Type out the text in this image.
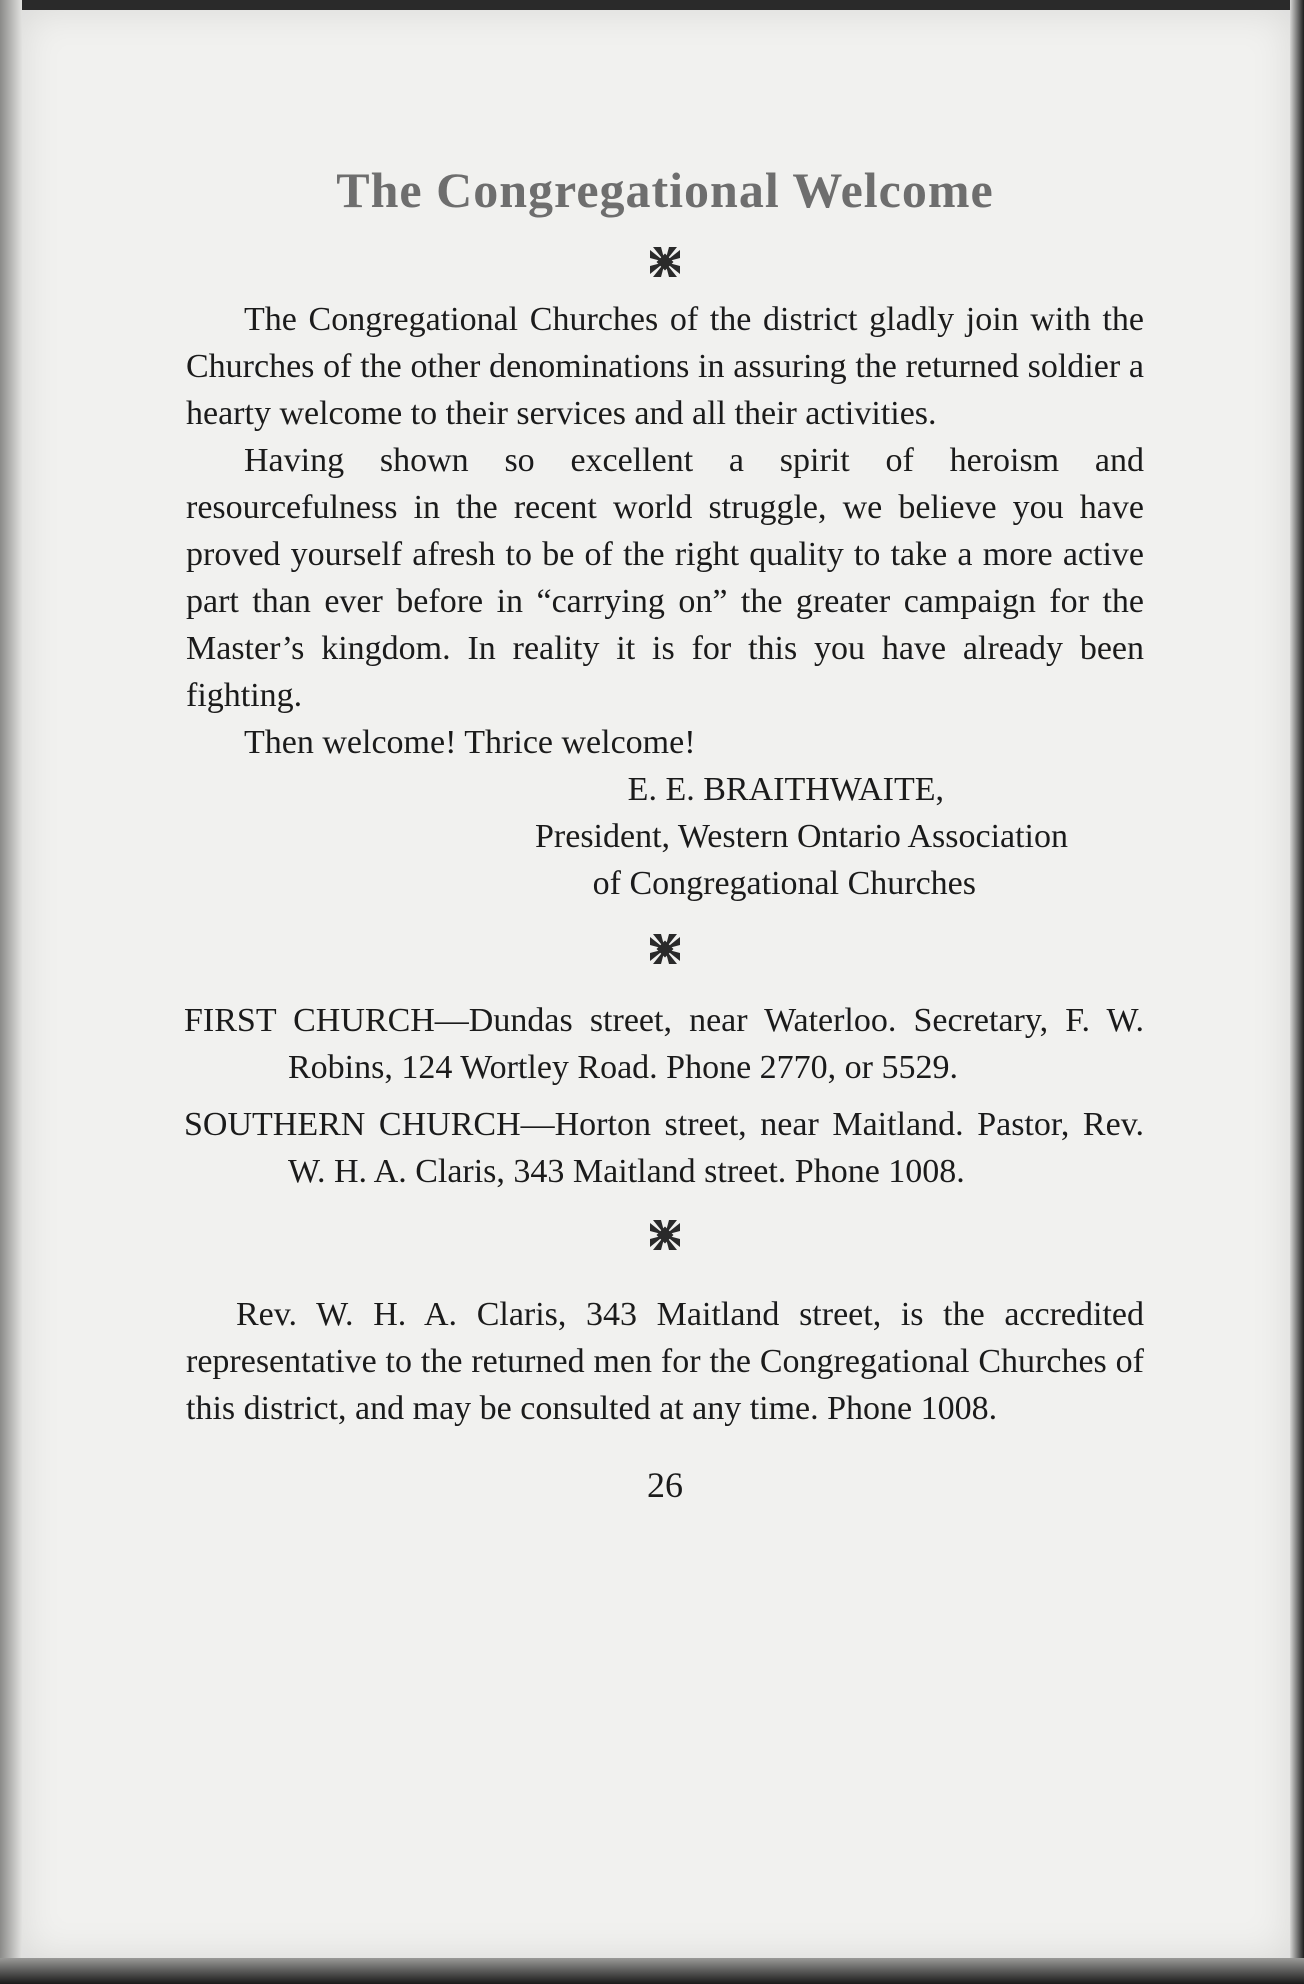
The Congregational Welcome

The Congregational Churches of the district gladly join with the Churches of the other denominations in assuring the returned soldier a hearty welcome to their services and all their activities.

Having shown so excellent a spirit of heroism and resourcefulness in the recent world struggle, we believe you have proved yourself afresh to be of the right quality to take a more active part than ever before in “carrying on” the greater campaign for the Master’s kingdom. In reality it is for this you have already been fighting.

Then welcome! Thrice welcome!

E. E. BRAITHWAITE,

President, Western Ontario Association

of Congregational Churches

FIRST CHURCH—Dundas street, near Waterloo. Secretary, F. W. Robins, 124 Wortley Road. Phone 2770, or 5529.

SOUTHERN CHURCH—Horton street, near Maitland. Pastor, Rev. W. H. A. Claris, 343 Maitland street. Phone 1008.

Rev. W. H. A. Claris, 343 Maitland street, is the accredited representative to the returned men for the Congregational Churches of this district, and may be consulted at any time. Phone 1008.

26
